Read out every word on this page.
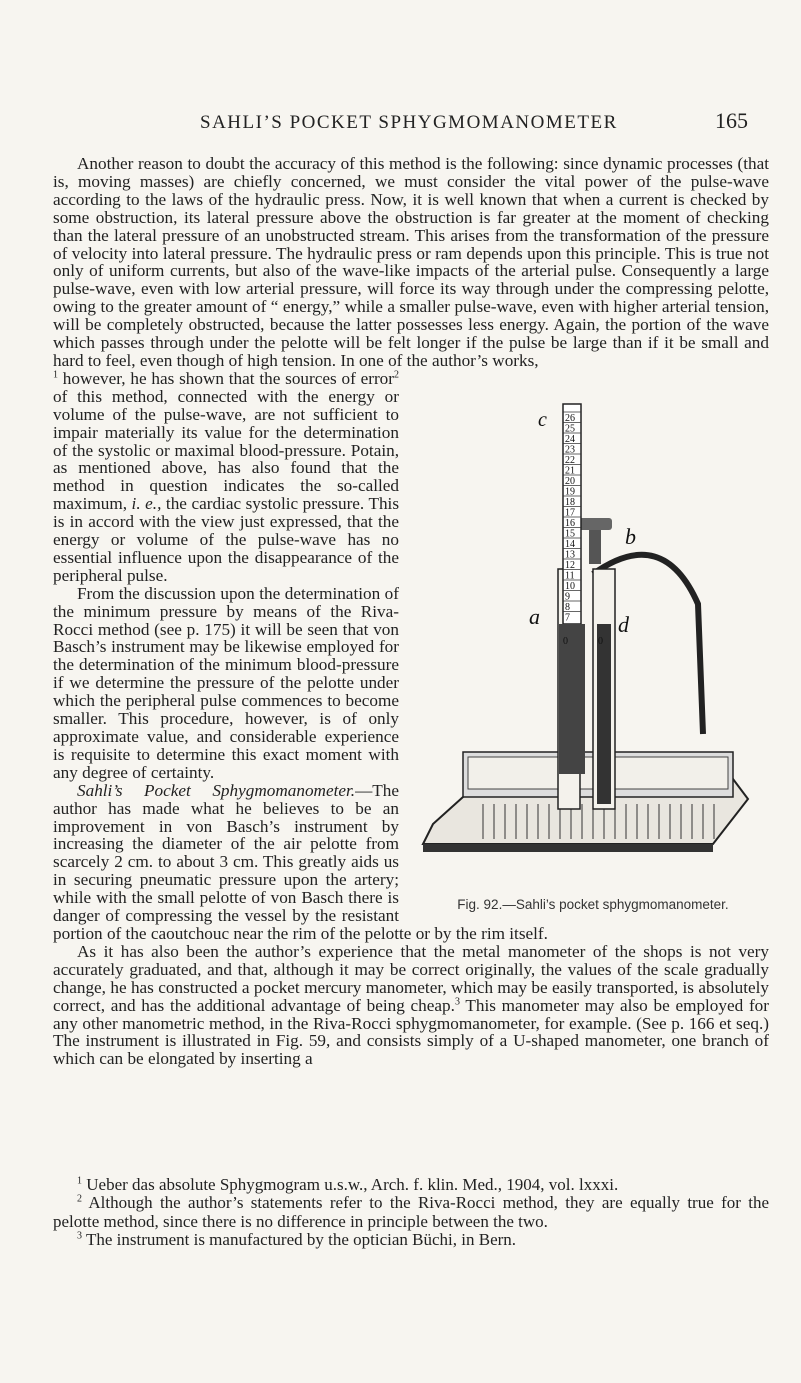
SAHLI’S POCKET SPHYGMOMANOMETER	165

Another reason to doubt the accuracy of this method is the following: since dynamic processes (that is, moving masses) are chiefly concerned, we must consider the vital power of the pulse-wave according to the laws of the hydraulic press. Now, it is well known that when a current is checked by some obstruction, its lateral pressure above the obstruction is far greater at the moment of checking than the lateral pressure of an unobstructed stream. This arises from the transformation of the pressure of velocity into lateral pressure. The hydraulic press or ram depends upon this principle. This is true not only of uniform currents, but also of the wave-like impacts of the arterial pulse. Consequently a large pulse-wave, even with low arterial pressure, will force its way through under the compressing pelotte, owing to the greater amount of “ energy,” while a smaller pulse-wave, even with higher arterial tension, will be completely obstructed, because the latter possesses less energy. Again, the portion of the wave which passes through under the pelotte will be felt longer if the pulse be large than if it be small and hard to feel, even though of high tension. In one of the author’s works,

26
25
24
23
22
21
20
19
18
17
16
15
14
13
12
11
10
9
8
7
c
b
a	d
0	0
Fig. 92.—Sahli’s pocket sphygmomanometer.
$^1$ however, he has shown that the sources of error$^2$ of this method, connected with the energy or volume of the pulse-wave, are not sufficient to impair materially its value for the determination of the systolic or maximal blood-pressure. Potain, as mentioned above, has also found that the method in question indicates the so-called maximum, i. e., the cardiac systolic pressure. This is in accord with the view just expressed, that the energy or volume of the pulse-wave has no essential influence upon the disappearance of the peripheral pulse.

From the discussion upon the determination of the minimum pressure by means of the Riva-Rocci method (see p. 175) it will be seen that von Basch’s instrument may be likewise employed for the determination of the minimum blood-pressure if we determine the pressure of the pelotte under which the peripheral pulse commences to become smaller. This procedure, however, is of only approximate value, and considerable experience is requisite to determine this exact moment with any degree of certainty.

Sahli’s Pocket Sphygmomanometer.—The author has made what he believes to be an improvement in von Basch’s instrument by increasing the diameter of the air pelotte from scarcely 2 cm. to about 3 cm. This greatly aids us in securing pneumatic pressure upon the artery; while with the small pelotte of von Basch there is danger of compressing the vessel by the resistant portion of the caoutchouc near the rim of the pelotte or by the rim itself.

As it has also been the author’s experience that the metal manometer of the shops is not very accurately graduated, and that, although it may be correct originally, the values of the scale gradually change, he has constructed a pocket mercury manometer, which may be easily transported, is absolutely correct, and has the additional advantage of being cheap.$^3$ This manometer may also be employed for any other manometric method, in the Riva-Rocci sphygmomanometer, for example. (See p. 166 et seq.) The instrument is illustrated in Fig. 59, and consists simply of a U-shaped manometer, one branch of which can be elongated by inserting a

$^1$ Ueber das absolute Sphygmogram u.s.w., Arch. f. klin. Med., 1904, vol. lxxxi.

$^2$ Although the author’s statements refer to the Riva-Rocci method, they are equally true for the pelotte method, since there is no difference in principle between the two.

$^3$ The instrument is manufactured by the optician Büchi, in Bern.
